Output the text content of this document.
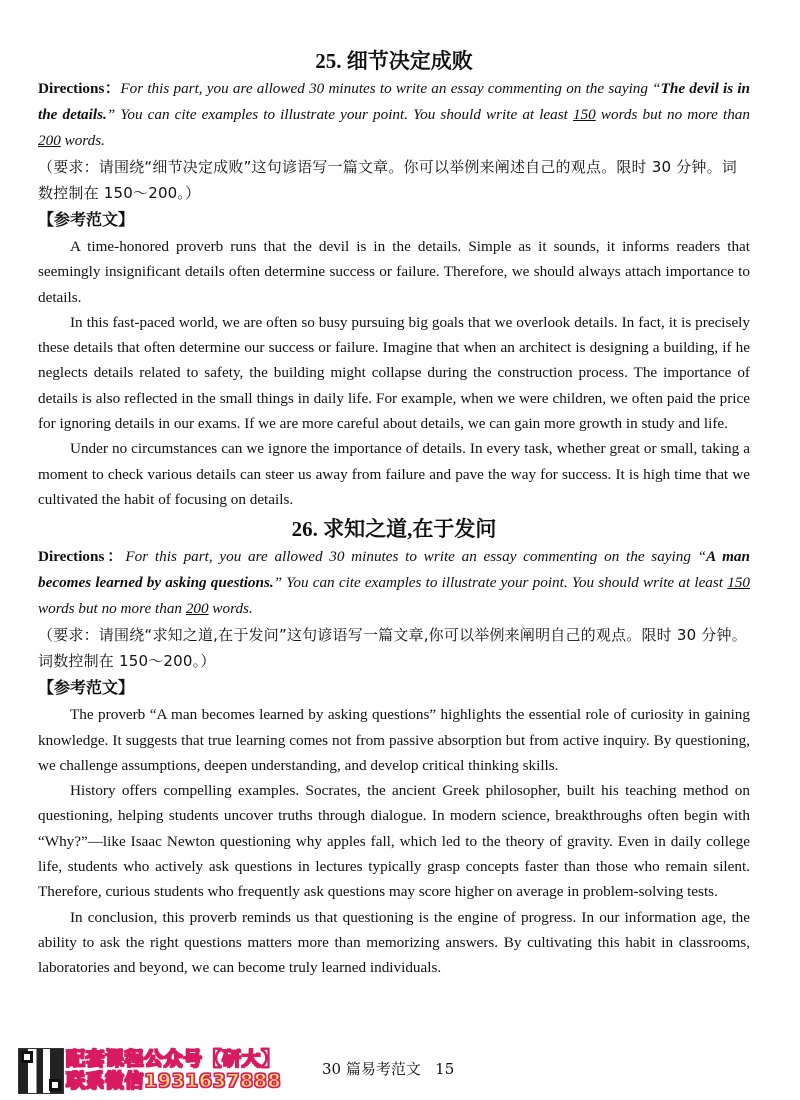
25. 细节决定成败

Directions：For this part, you are allowed 30 minutes to write an essay commenting on the saying “The devil is in the details.” You can cite examples to illustrate your point. You should write at least 150 words but no more than 200 words.

（要求：请围绕“细节决定成败”这句谚语写一篇文章。你可以举例来阐述自己的观点。限时 30 分钟。词数控制在 150～200。）

【参考范文】

A time-honored proverb runs that the devil is in the details. Simple as it sounds, it informs readers that seemingly insignificant details often determine success or failure. Therefore, we should always attach importance to details.

In this fast-paced world, we are often so busy pursuing big goals that we overlook details. In fact, it is precisely these details that often determine our success or failure. Imagine that when an architect is designing a building, if he neglects details related to safety, the building might collapse during the construction process. The importance of details is also reflected in the small things in daily life. For example, when we were children, we often paid the price for ignoring details in our exams. If we are more careful about details, we can gain more growth in study and life.

Under no circumstances can we ignore the importance of details. In every task, whether great or small, taking a moment to check various details can steer us away from failure and pave the way for success. It is high time that we cultivated the habit of focusing on details.

26. 求知之道,在于发问

Directions：For this part, you are allowed 30 minutes to write an essay commenting on the saying “A man becomes learned by asking questions.” You can cite examples to illustrate your point. You should write at least 150 words but no more than 200 words.

（要求：请围绕“求知之道,在于发问”这句谚语写一篇文章,你可以举例来阐明自己的观点。限时 30 分钟。词数控制在 150～200。）

【参考范文】

The proverb “A man becomes learned by asking questions” highlights the essential role of curiosity in gaining knowledge. It suggests that true learning comes not from passive absorption but from active inquiry. By questioning, we challenge assumptions, deepen understanding, and develop critical thinking skills.

History offers compelling examples. Socrates, the ancient Greek philosopher, built his teaching method on questioning, helping students uncover truths through dialogue. In modern science, breakthroughs often begin with “Why?”—like Isaac Newton questioning why apples fall, which led to the theory of gravity. Even in daily college life, students who actively ask questions in lectures typically grasp concepts faster than those who remain silent. Therefore, curious students who frequently ask questions may score higher on average in problem-solving tests.

In conclusion, this proverb reminds us that questioning is the engine of progress. In our information age, the ability to ask the right questions matters more than memorizing answers. By cultivating this habit in classrooms, laboratories and beyond, we can become truly learned individuals.

配套课程公众号【研大】
联系微信1931637888
30 篇易考范文 15
